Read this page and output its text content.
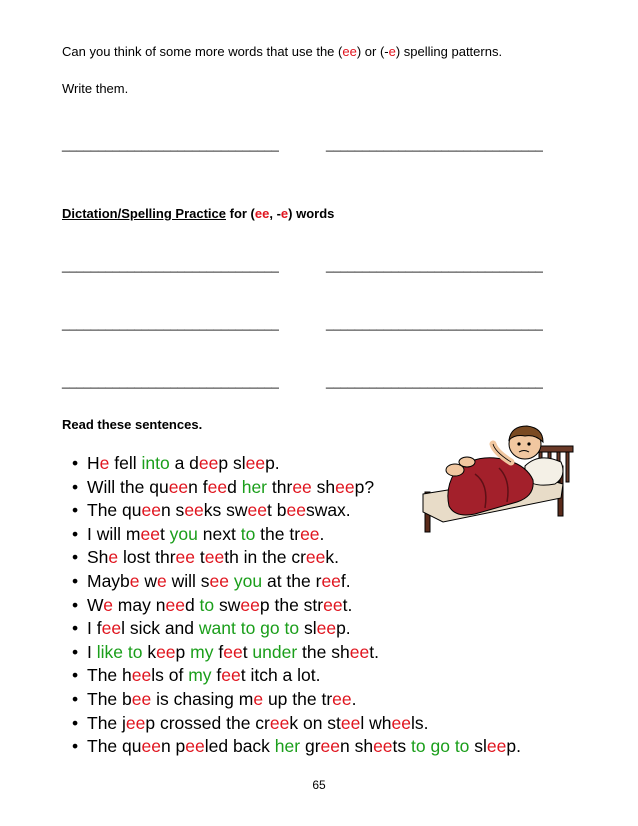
Can you think of some more words that use the (ee) or (-e) spelling patterns.
Write them.
______________________________	______________________________
Dictation/Spelling Practice for (ee, -e) words
______________________________	______________________________
______________________________	______________________________
______________________________	______________________________
Read these sentences.
• He fell into a deep sleep.
• Will the queen feed her three sheep?
• The queen seeks sweet beeswax.
• I will meet you next to the tree.
• She lost three teeth in the creek.
• Maybe we will see you at the reef.
• We may need to sweep the street.
• I feel sick and want to go to sleep.
• I like to keep my feet under the sheet.
• The heels of my feet itch a lot.
• The bee is chasing me up the tree.
• The jeep crossed the creek on steel wheels.
• The queen peeled back her green sheets to go to sleep.
65
